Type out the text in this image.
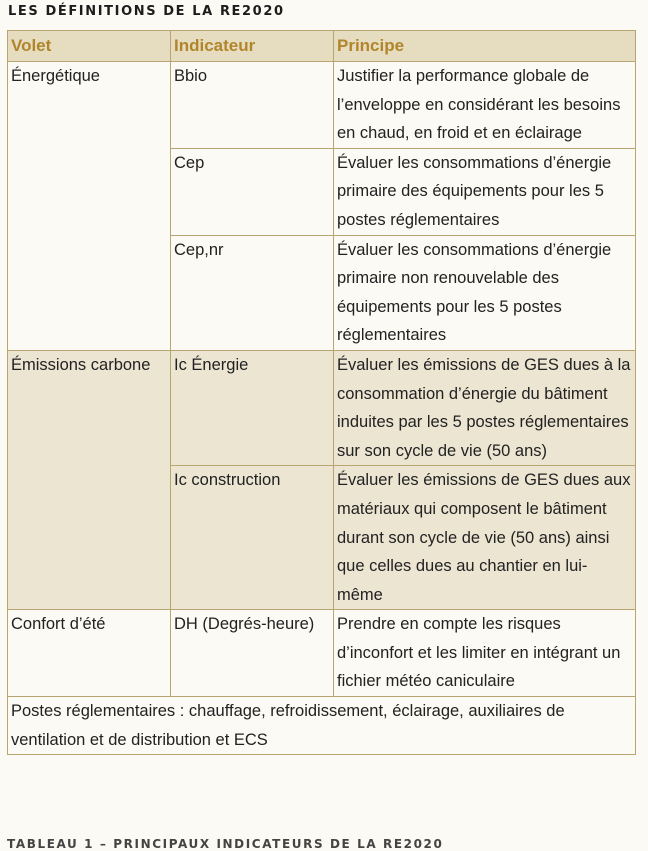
LES DÉFINITIONS DE LA RE2020
Volet	Indicateur	Principe
Énergétique	Bbio	Justifier la performance globale de l’enveloppe en considérant les besoins en chaud, en froid et en éclairage
	Cep	Évaluer les consommations d’énergie primaire des équipements pour les 5 postes réglementaires
	Cep,nr	Évaluer les consommations d’énergie primaire non renouvelable des équipements pour les 5 postes réglementaires
Émissions carbone	Ic Énergie	Évaluer les émissions de GES dues à la consommation d’énergie du bâtiment induites par les 5 postes réglementaires sur son cycle de vie (50 ans)
	Ic construction	Évaluer les émissions de GES dues aux matériaux qui composent le bâtiment durant son cycle de vie (50 ans) ainsi que celles dues au chantier en lui-même
Confort d’été	DH (Degrés-heure)	Prendre en compte les risques d’inconfort et les limiter en intégrant un fichier météo caniculaire
Postes réglementaires : chauffage, refroidissement, éclairage, auxiliaires de ventilation et de distribution et ECS		
TABLEAU 1 – PRINCIPAUX INDICATEURS DE LA RE2020
